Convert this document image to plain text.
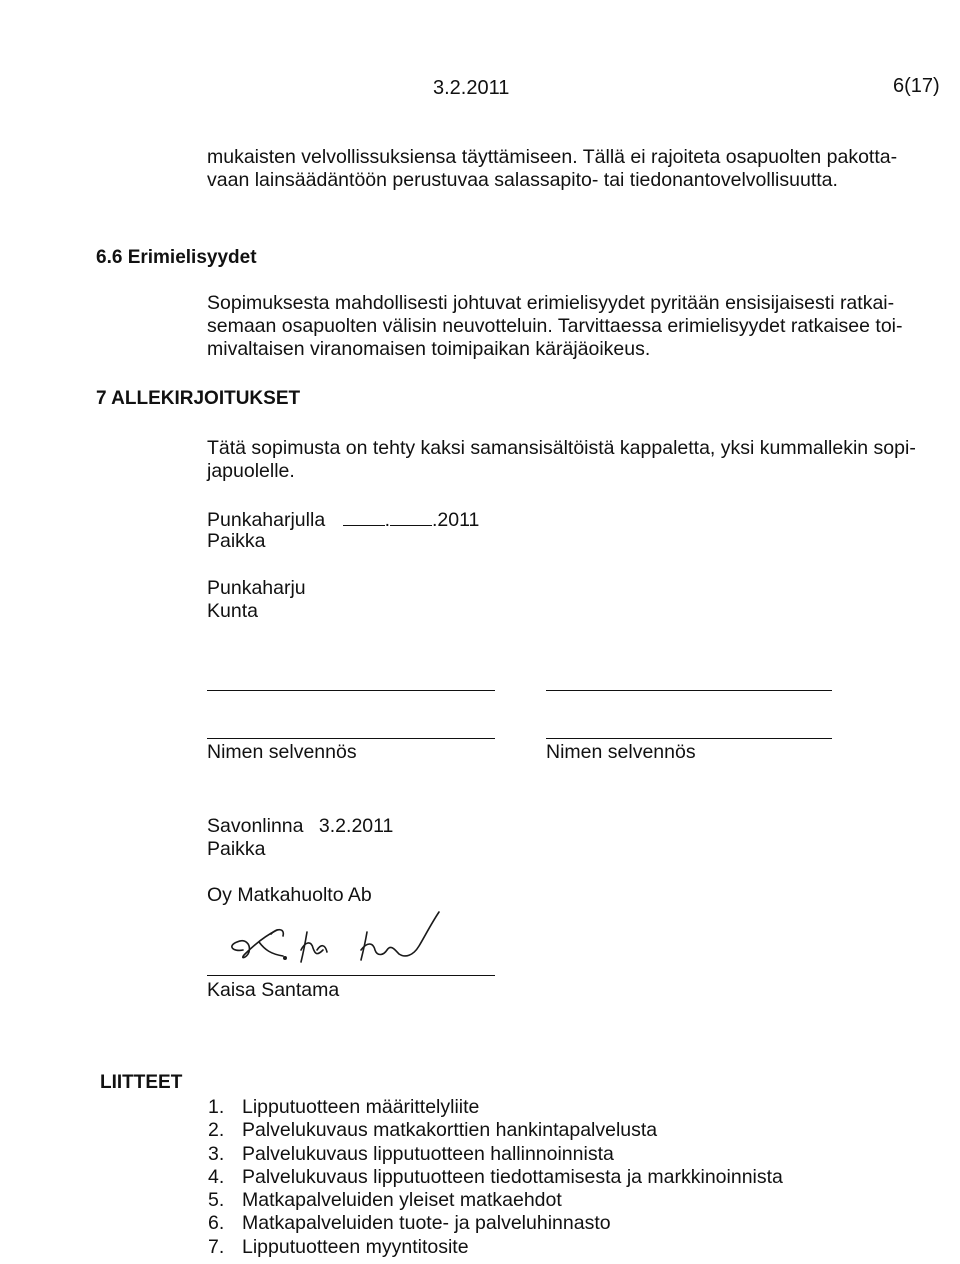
3.2.2011	6(17)
mukaisten velvollissuksiensa täyttämiseen. Tällä ei rajoiteta osapuolten pakotta-
vaan lainsäädäntöön perustuvaa salassapito- tai tiedonantovelvollisuutta.
6.6 Erimielisyydet
Sopimuksesta mahdollisesti johtuvat erimielisyydet pyritään ensisijaisesti ratkai-
semaan osapuolten välisin neuvotteluin. Tarvittaessa erimielisyydet ratkaisee toi-
mivaltaisen viranomaisen toimipaikan käräjäoikeus.
7 ALLEKIRJOITUKSET
Tätä sopimusta on tehty kaksi samansisältöistä kappaletta, yksi kummallekin sopi-
japuolelle.
Punkaharjulla	. .2011
Paikka
Punkaharju
Kunta
Nimen selvennös	Nimen selvennös
Savonlinna 3.2.2011
Paikka
Oy Matkahuolto Ab
Kaisa Santama
LIITTEET
1. Lipputuotteen määrittelyliite
2. Palvelukuvaus matkakorttien hankintapalvelusta
3. Palvelukuvaus lipputuotteen hallinnoinnista
4. Palvelukuvaus lipputuotteen tiedottamisesta ja markkinoinnista
5. Matkapalveluiden yleiset matkaehdot
6. Matkapalveluiden tuote- ja palveluhinnasto
7. Lipputuotteen myyntitosite
